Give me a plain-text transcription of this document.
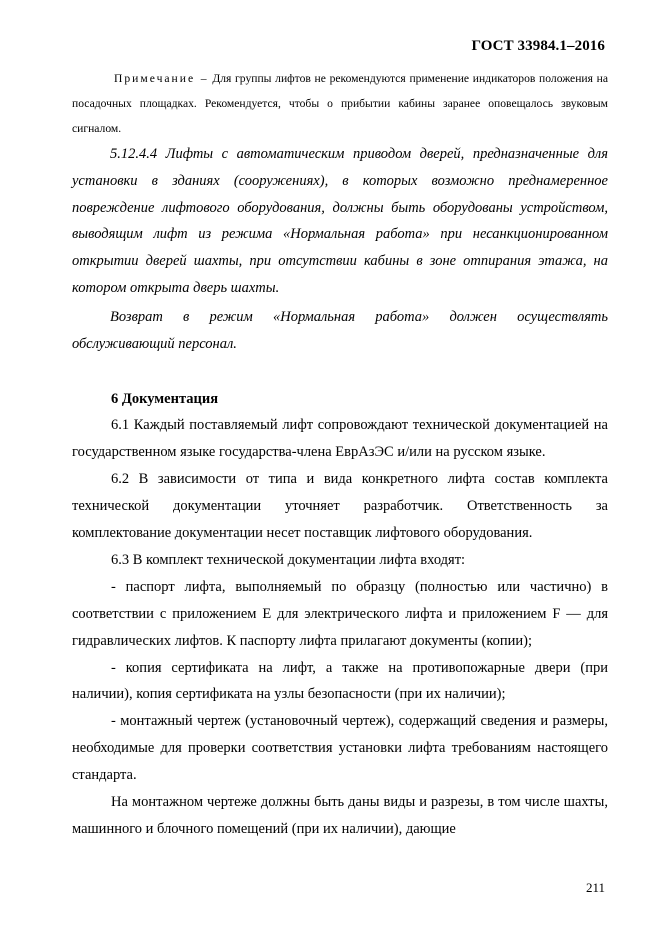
ГОСТ 33984.1–2016

Примечание – Для группы лифтов не рекомендуются применение индикаторов положения на посадочных площадках. Рекомендуется, чтобы о прибытии кабины заранее оповещалось звуковым сигналом.

5.12.4.4 Лифты с автоматическим приводом дверей, предназначенные для установки в зданиях (сооружениях), в которых возможно преднамеренное повреждение лифтового оборудования, должны быть оборудованы устройством, выводящим лифт из режима «Нормальная работа» при несанкционированном открытии дверей шахты, при отсутствии кабины в зоне отпирания этажа, на котором открыта дверь шахты.

Возврат в режим «Нормальная работа» должен осуществлять обслуживающий персонал.

6 Документация

6.1 Каждый поставляемый лифт сопровождают технической документацией на государственном языке государства-члена ЕврАзЭС и/или на русском языке.

6.2 В зависимости от типа и вида конкретного лифта состав комплекта технической документации уточняет разработчик. Ответственность за комплектование документации несет поставщик лифтового оборудования.

6.3 В комплект технической документации лифта входят:

- паспорт лифта, выполняемый по образцу (полностью или частично) в соответствии с приложением Е для электрического лифта и приложением F — для гидравлических лифтов. К паспорту лифта прилагают документы (копии);

- копия сертификата на лифт, а также на противопожарные двери (при наличии), копия сертификата на узлы безопасности (при их наличии);

- монтажный чертеж (установочный чертеж), содержащий сведения и размеры, необходимые для проверки соответствия установки лифта требованиям настоящего стандарта.

На монтажном чертеже должны быть даны виды и разрезы, в том числе шахты, машинного и блочного помещений (при их наличии), дающие

211
